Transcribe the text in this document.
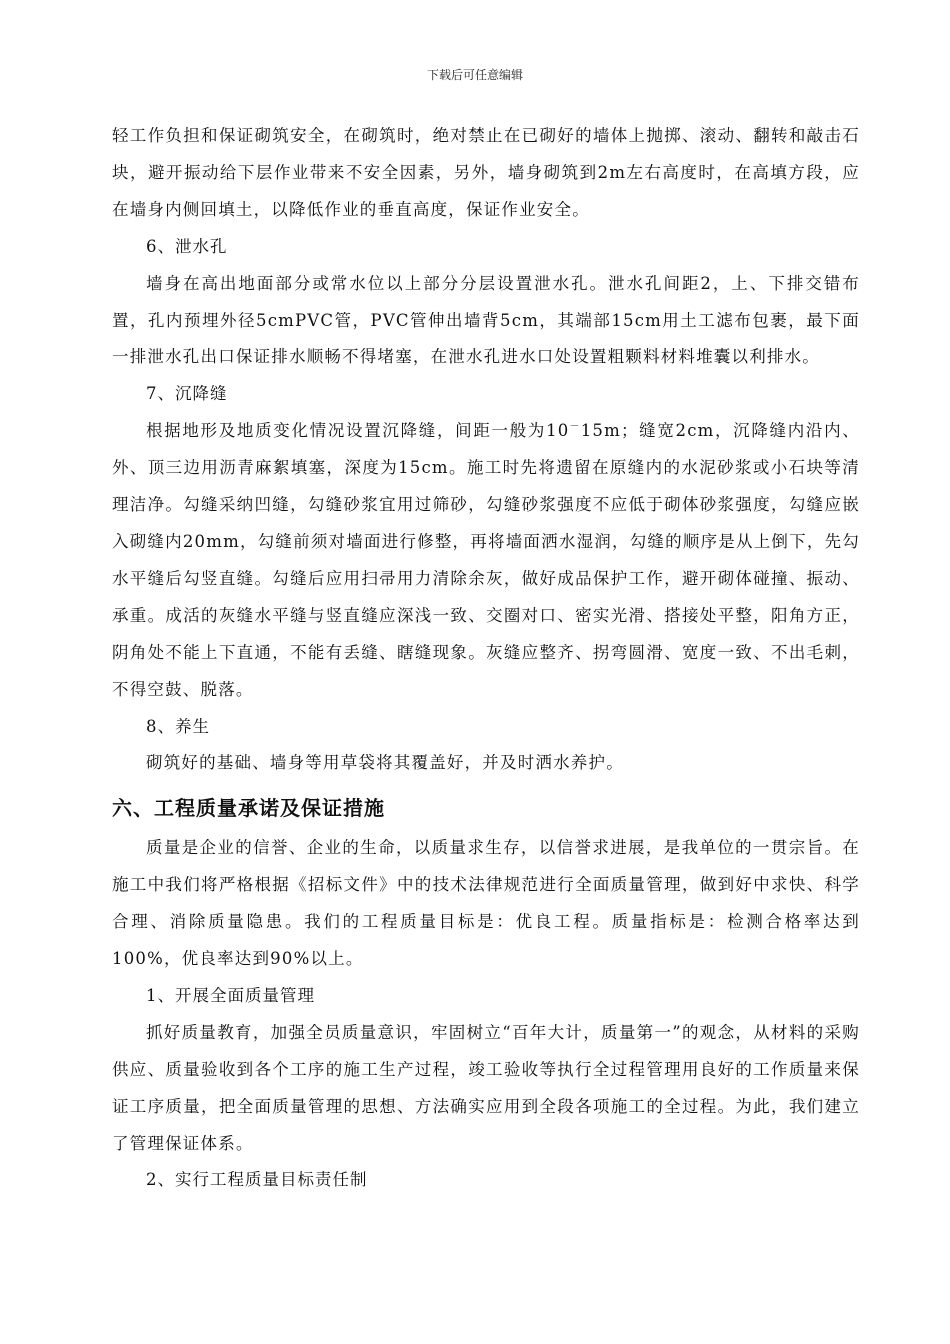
下载后可任意编辑

轻工作负担和保证砌筑安全，在砌筑时，绝对禁止在已砌好的墙体上抛掷、滚动、翻转和敲击石块，避开振动给下层作业带来不安全因素，另外，墙身砌筑到2m左右高度时，在高填方段，应在墙身内侧回填土，以降低作业的垂直高度，保证作业安全。

6、泄水孔

墙身在高出地面部分或常水位以上部分分层设置泄水孔。泄水孔间距2，上、下排交错布置，孔内预埋外径5cmPVC管，PVC管伸出墙背5cm，其端部15cm用土工滤布包裹，最下面一排泄水孔出口保证排水顺畅不得堵塞，在泄水孔进水口处设置粗颗料材料堆囊以利排水。

7、沉降缝

根据地形及地质变化情况设置沉降缝，间距一般为10－15m；缝宽2cm，沉降缝内沿内、外、顶三边用沥青麻絮填塞，深度为15cm。施工时先将遗留在原缝内的水泥砂浆或小石块等清理洁净。勾缝采纳凹缝，勾缝砂浆宜用过筛砂，勾缝砂浆强度不应低于砌体砂浆强度，勾缝应嵌入砌缝内20mm，勾缝前须对墙面进行修整，再将墙面洒水湿润，勾缝的顺序是从上倒下，先勾水平缝后勾竖直缝。勾缝后应用扫帚用力清除余灰，做好成品保护工作，避开砌体碰撞、振动、承重。成活的灰缝水平缝与竖直缝应深浅一致、交圈对口、密实光滑、搭接处平整，阳角方正，阴角处不能上下直通，不能有丢缝、瞎缝现象。灰缝应整齐、拐弯圆滑、宽度一致、不出毛刺，不得空鼓、脱落。

8、养生

砌筑好的基础、墙身等用草袋将其覆盖好，并及时洒水养护。

六、工程质量承诺及保证措施

质量是企业的信誉、企业的生命，以质量求生存，以信誉求进展，是我单位的一贯宗旨。在施工中我们将严格根据《招标文件》中的技术法律规范进行全面质量管理，做到好中求快、科学合理、消除质量隐患。我们的工程质量目标是：优良工程。质量指标是：检测合格率达到100%，优良率达到90%以上。

1、开展全面质量管理

抓好质量教育，加强全员质量意识，牢固树立“百年大计，质量第一”的观念，从材料的采购供应、质量验收到各个工序的施工生产过程，竣工验收等执行全过程管理用良好的工作质量来保证工序质量，把全面质量管理的思想、方法确实应用到全段各项施工的全过程。为此，我们建立了管理保证体系。

2、实行工程质量目标责任制
